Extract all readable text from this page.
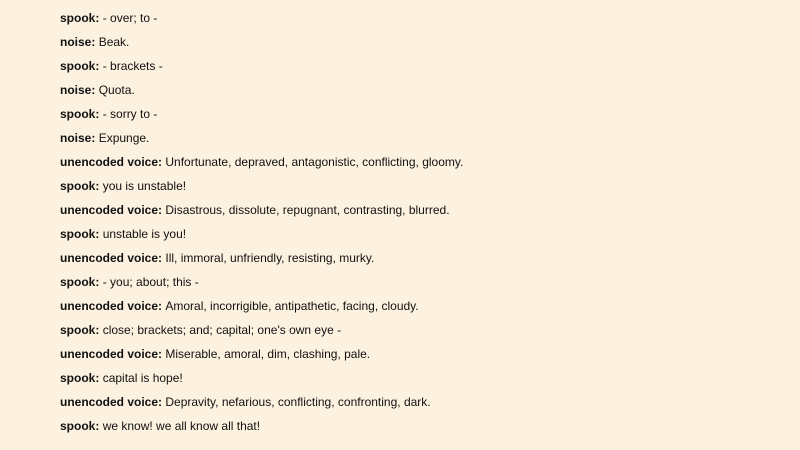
spook: - over; to -
noise: Beak.
spook: - brackets -
noise: Quota.
spook: - sorry to -
noise: Expunge.
unencoded voice: Unfortunate, depraved, antagonistic, conflicting, gloomy.
spook: you is unstable!
unencoded voice: Disastrous, dissolute, repugnant, contrasting, blurred.
spook: unstable is you!
unencoded voice: Ill, immoral, unfriendly, resisting, murky.
spook: - you; about; this -
unencoded voice: Amoral, incorrigible, antipathetic, facing, cloudy.
spook: close; brackets; and; capital; one's own eye -
unencoded voice: Miserable, amoral, dim, clashing, pale.
spook: capital is hope!
unencoded voice: Depravity, nefarious, conflicting, confronting, dark.
spook: we know! we all know all that!
